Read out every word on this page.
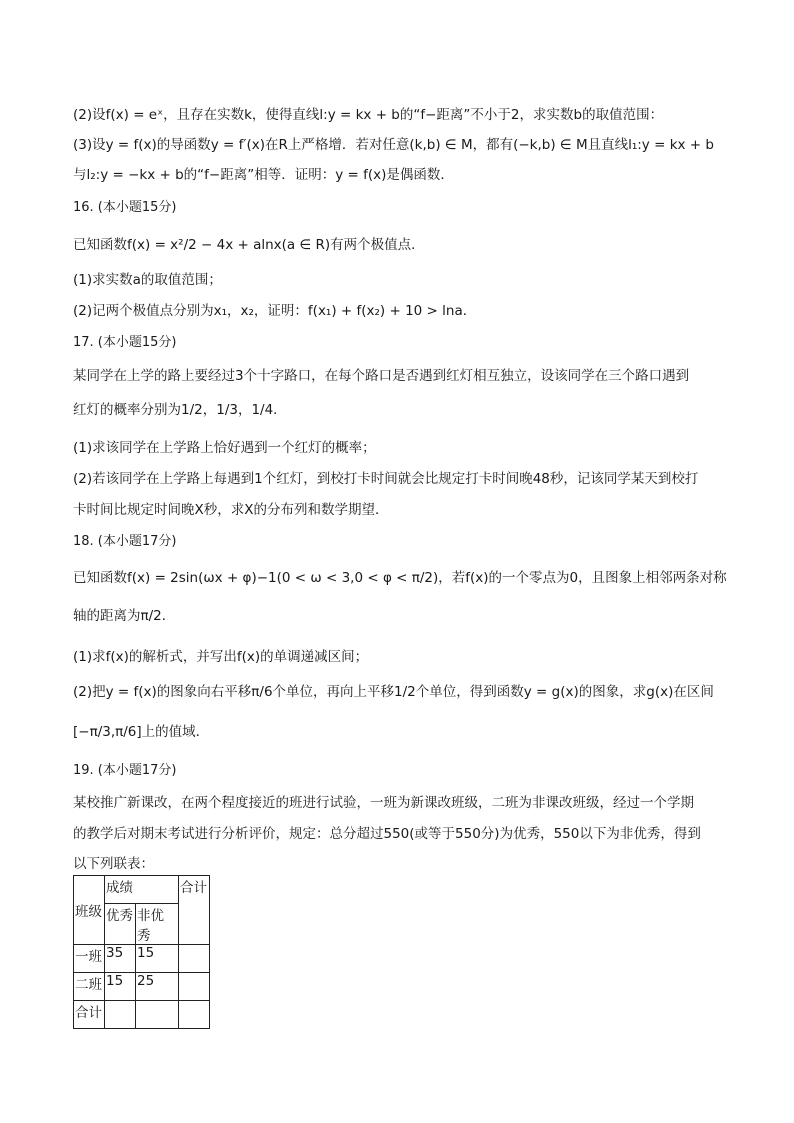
(2)设f(x) = eˣ，且存在实数k，使得直线l:y = kx + b的“f−距离”不小于2，求实数b的取值范围：
(3)设y = f(x)的导函数y = f′(x)在R上严格增．若对任意(k,b) ∈ M，都有(−k,b) ∈ M且直线l₁:y = kx + b
与l₂:y = −kx + b的“f−距离”相等．证明：y = f(x)是偶函数．
16. (本小题15分)
已知函数f(x) = x²/2 − 4x + alnx(a ∈ R)有两个极值点．
(1)求实数a的取值范围；
(2)记两个极值点分别为x₁，x₂，证明：f(x₁) + f(x₂) + 10 > lna．
17. (本小题15分)
某同学在上学的路上要经过3个十字路口，在每个路口是否遇到红灯相互独立，设该同学在三个路口遇到
红灯的概率分别为1/2，1/3，1/4．
(1)求该同学在上学路上恰好遇到一个红灯的概率；
(2)若该同学在上学路上每遇到1个红灯，到校打卡时间就会比规定打卡时间晚48秒，记该同学某天到校打
卡时间比规定时间晚X秒，求X的分布列和数学期望．
18. (本小题17分)
已知函数f(x) = 2sin(ωx + φ)−1(0 < ω < 3,0 < φ < π/2)，若f(x)的一个零点为0，且图象上相邻两条对称
轴的距离为π/2．
(1)求f(x)的解析式，并写出f(x)的单调递减区间；
(2)把y = f(x)的图象向右平移π/6个单位，再向上平移1/2个单位，得到函数y = g(x)的图象，求g(x)在区间
[−π/3,π/6]上的值域．
19. (本小题17分)
某校推广新课改，在两个程度接近的班进行试验，一班为新课改班级，二班为非课改班级，经过一个学期
的教学后对期末考试进行分析评价，规定：总分超过550(或等于550分)为优秀，550以下为非优秀，得到
以下列联表：
班级	成绩		合计
	优秀	非优秀	
一班	35	15	
二班	15	25	
合计			
